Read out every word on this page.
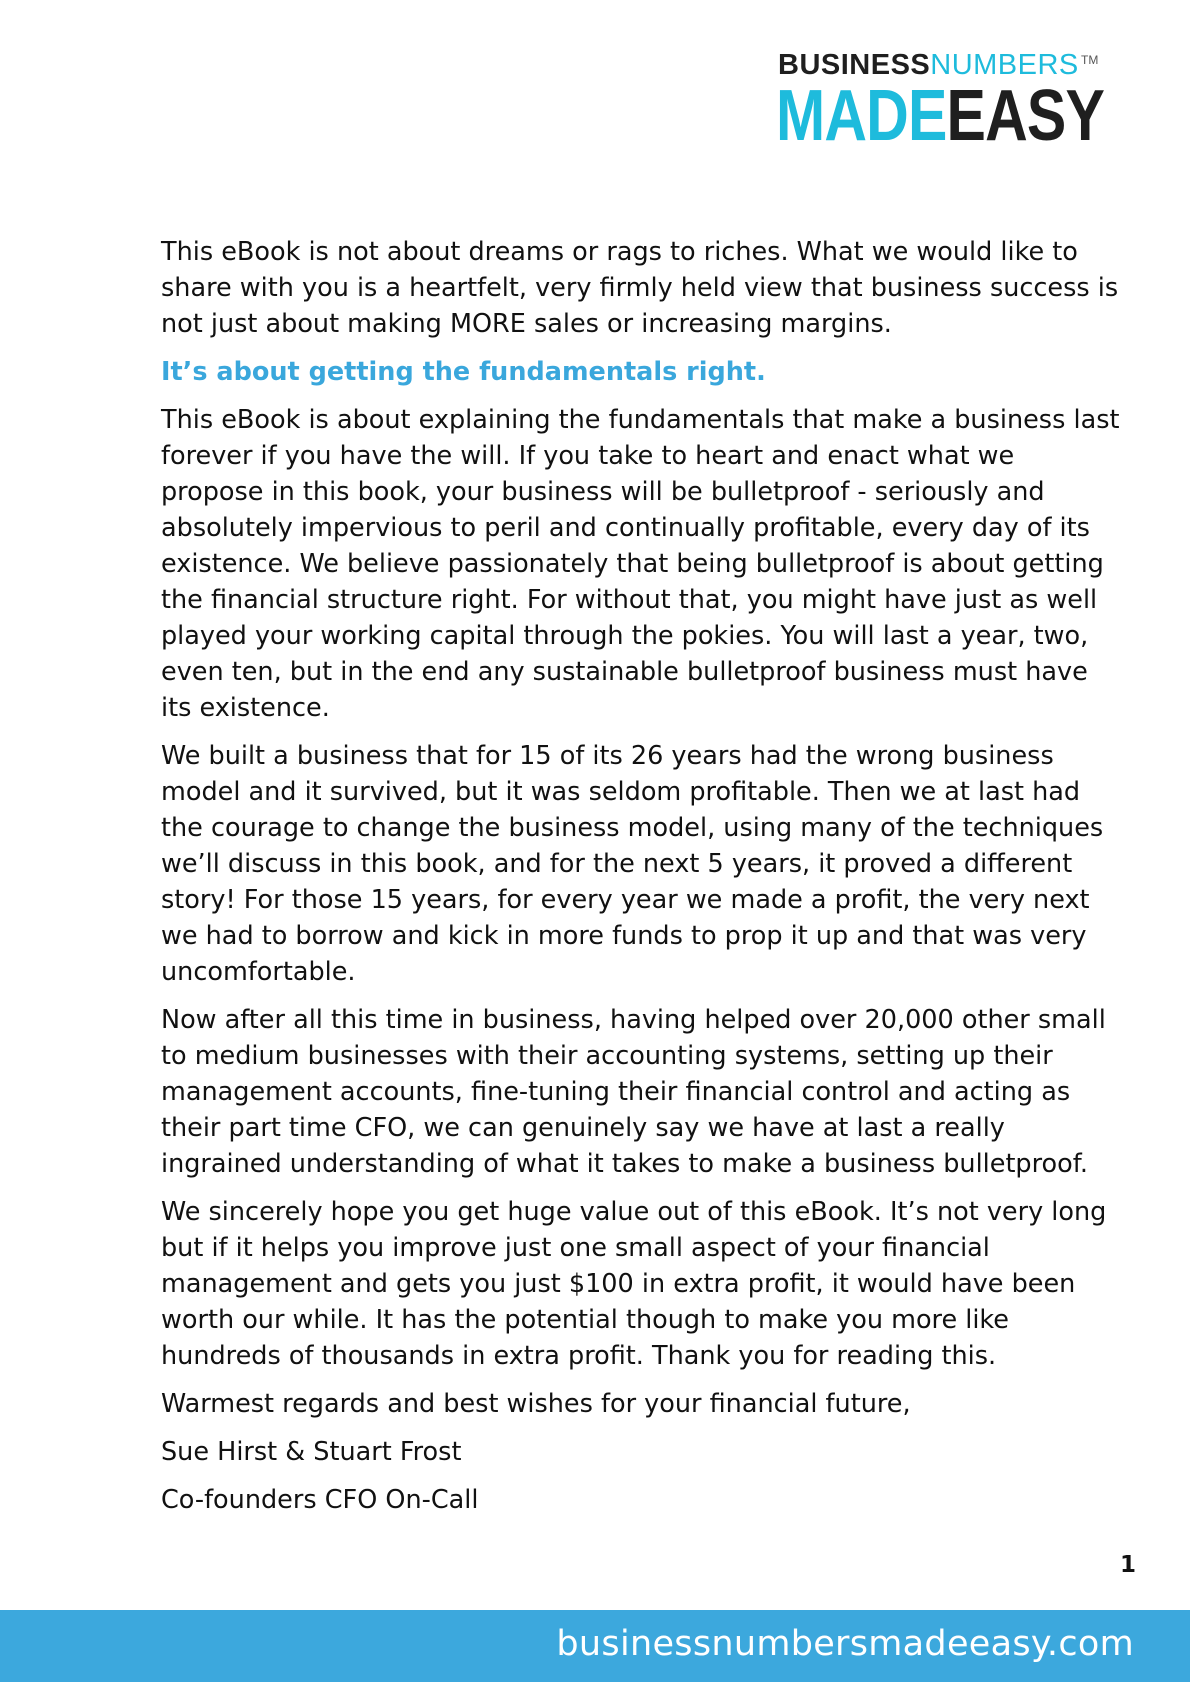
BUSINESSNUMBERS TM
MADEEASY

This eBook is not about dreams or rags to riches. What we would like to share with you is a heartfelt, very firmly held view that business success is not just about making MORE sales or increasing margins.

It’s about getting the fundamentals right.

This eBook is about explaining the fundamentals that make a business last forever if you have the will. If you take to heart and enact what we propose in this book, your business will be bulletproof - seriously and absolutely impervious to peril and continually profitable, every day of its existence. We believe passionately that being bulletproof is about getting the financial structure right. For without that, you might have just as well played your working capital through the pokies. You will last a year, two, even ten, but in the end any sustainable bulletproof business must have its existence.

We built a business that for 15 of its 26 years had the wrong business model and it survived, but it was seldom profitable. Then we at last had the courage to change the business model, using many of the techniques we’ll discuss in this book, and for the next 5 years, it proved a different story! For those 15 years, for every year we made a profit, the very next we had to borrow and kick in more funds to prop it up and that was very uncomfortable.

Now after all this time in business, having helped over 20,000 other small to medium businesses with their accounting systems, setting up their management accounts, fine-tuning their financial control and acting as their part time CFO, we can genuinely say we have at last a really ingrained understanding of what it takes to make a business bulletproof.

We sincerely hope you get huge value out of this eBook. It’s not very long but if it helps you improve just one small aspect of your financial management and gets you just $100 in extra profit, it would have been worth our while. It has the potential though to make you more like hundreds of thousands in extra profit. Thank you for reading this.

Warmest regards and best wishes for your financial future,

Sue Hirst & Stuart Frost

Co-founders CFO On-Call

1
businessnumbersmadeeasy.com
